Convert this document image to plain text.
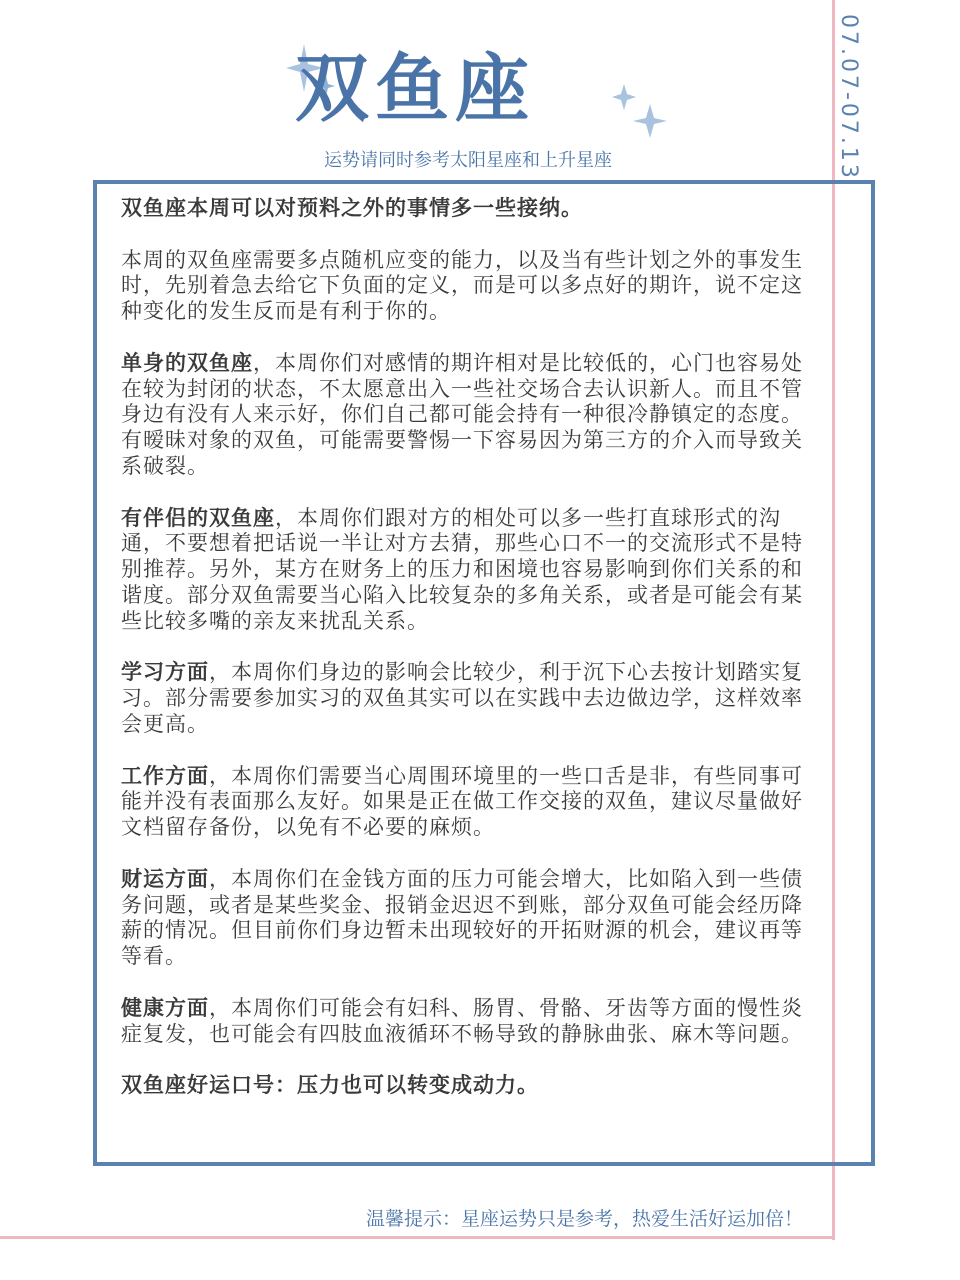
07.07-07.13
双鱼座
运势请同时参考太阳星座和上升星座

双鱼座本周可以对预料之外的事情多一些接纳。

本周的双鱼座需要多点随机应变的能力，以及当有些计划之外的事发生时，先别着急去给它下负面的定义，而是可以多点好的期许，说不定这种变化的发生反而是有利于你的。

单身的双鱼座，本周你们对感情的期许相对是比较低的，心门也容易处在较为封闭的状态，不太愿意出入一些社交场合去认识新人。而且不管身边有没有人来示好，你们自己都可能会持有一种很冷静镇定的态度。有暧昧对象的双鱼，可能需要警惕一下容易因为第三方的介入而导致关系破裂。

有伴侣的双鱼座，本周你们跟对方的相处可以多一些打直球形式的沟通，不要想着把话说一半让对方去猜，那些心口不一的交流形式不是特别推荐。另外，某方在财务上的压力和困境也容易影响到你们关系的和谐度。部分双鱼需要当心陷入比较复杂的多角关系，或者是可能会有某些比较多嘴的亲友来扰乱关系。

学习方面，本周你们身边的影响会比较少，利于沉下心去按计划踏实复习。部分需要参加实习的双鱼其实可以在实践中去边做边学，这样效率会更高。

工作方面，本周你们需要当心周围环境里的一些口舌是非，有些同事可能并没有表面那么友好。如果是正在做工作交接的双鱼，建议尽量做好文档留存备份，以免有不必要的麻烦。

财运方面，本周你们在金钱方面的压力可能会增大，比如陷入到一些债务问题，或者是某些奖金、报销金迟迟不到账，部分双鱼可能会经历降薪的情况。但目前你们身边暂未出现较好的开拓财源的机会，建议再等等看。

健康方面，本周你们可能会有妇科、肠胃、骨骼、牙齿等方面的慢性炎症复发，也可能会有四肢血液循环不畅导致的静脉曲张、麻木等问题。

双鱼座好运口号：压力也可以转变成动力。

温馨提示：星座运势只是参考，热爱生活好运加倍！
